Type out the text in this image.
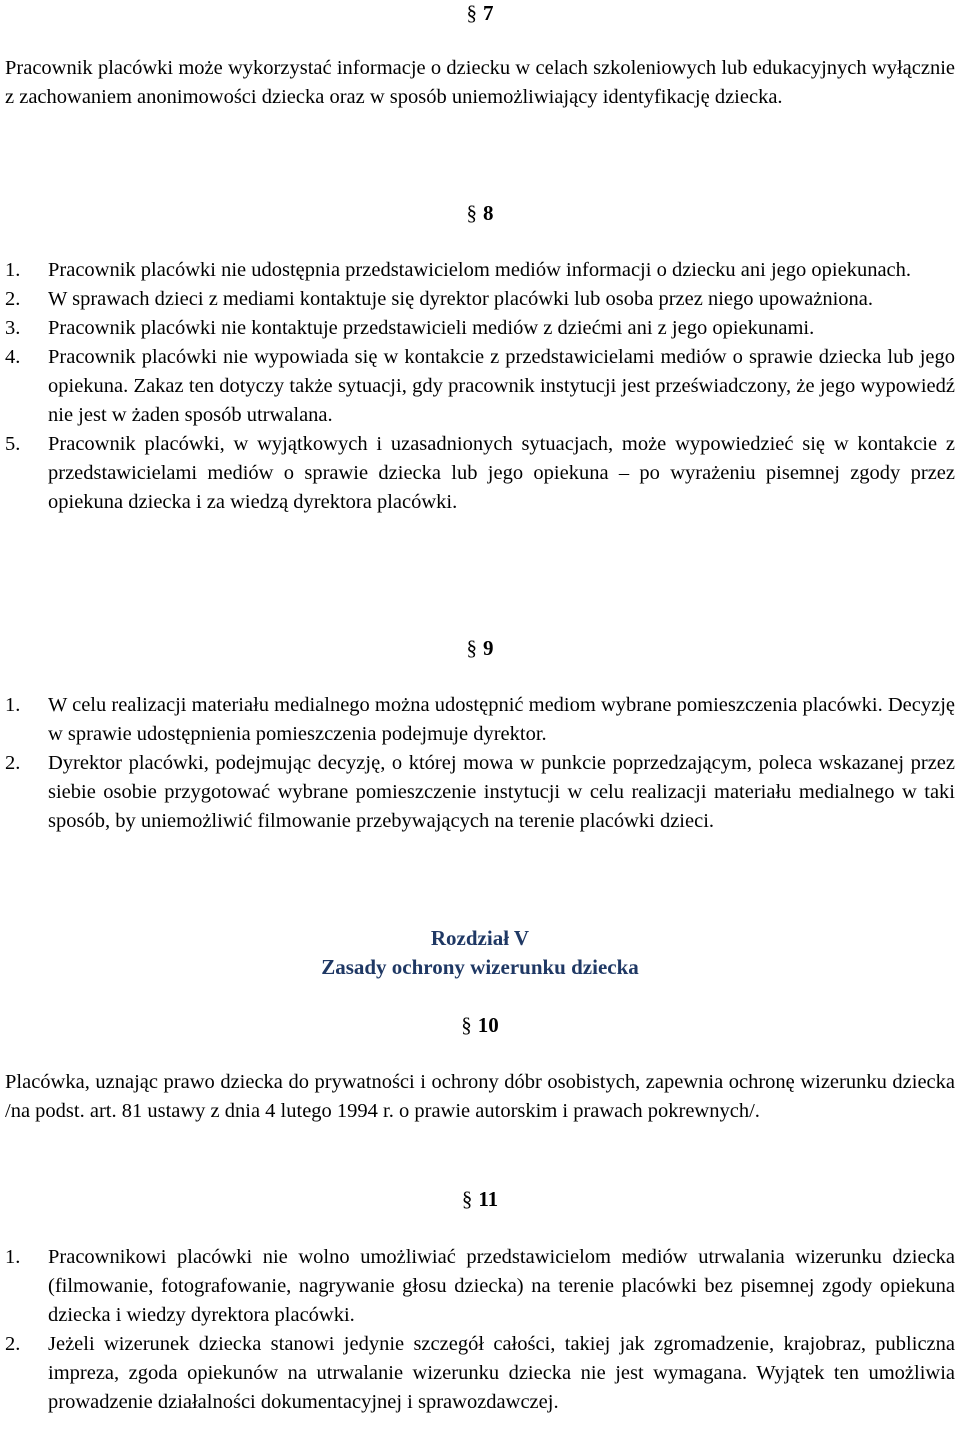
§ 7

Pracownik placówki może wykorzystać informacje o dziecku w celach szkoleniowych lub edukacyjnych wyłącznie z zachowaniem anonimowości dziecka oraz w sposób uniemożliwiający identyfikację dziecka.

§ 8

1. Pracownik placówki nie udostępnia przedstawicielom mediów informacji o dziecku ani jego opiekunach.
2. W sprawach dzieci z mediami kontaktuje się dyrektor placówki lub osoba przez niego upoważniona.
3. Pracownik placówki nie kontaktuje przedstawicieli mediów z dziećmi ani z jego opiekunami.
4. Pracownik placówki nie wypowiada się w kontakcie z przedstawicielami mediów o sprawie dziecka lub jego opiekuna. Zakaz ten dotyczy także sytuacji, gdy pracownik instytucji jest przeświadczony, że jego wypowiedź nie jest w żaden sposób utrwalana.
5. Pracownik placówki, w wyjątkowych i uzasadnionych sytuacjach, może wypowiedzieć się w kontakcie z przedstawicielami mediów o sprawie dziecka lub jego opiekuna – po wyrażeniu pisemnej zgody przez opiekuna dziecka i za wiedzą dyrektora placówki.

§ 9

1. W celu realizacji materiału medialnego można udostępnić mediom wybrane pomieszczenia placówki. Decyzję w sprawie udostępnienia pomieszczenia podejmuje dyrektor.
2. Dyrektor placówki, podejmując decyzję, o której mowa w punkcie poprzedzającym, poleca wskazanej przez siebie osobie przygotować wybrane pomieszczenie instytucji w celu realizacji materiału medialnego w taki sposób, by uniemożliwić filmowanie przebywających na terenie placówki dzieci.

Rozdział V

Zasady ochrony wizerunku dziecka

§ 10

Placówka, uznając prawo dziecka do prywatności i ochrony dóbr osobistych, zapewnia ochronę wizerunku dziecka /na podst. art. 81 ustawy z dnia 4 lutego 1994 r. o prawie autorskim i prawach pokrewnych/.

§ 11

1. Pracownikowi placówki nie wolno umożliwiać przedstawicielom mediów utrwalania wizerunku dziecka (filmowanie, fotografowanie, nagrywanie głosu dziecka) na terenie placówki bez pisemnej zgody opiekuna dziecka i wiedzy dyrektora placówki.
2. Jeżeli wizerunek dziecka stanowi jedynie szczegół całości, takiej jak zgromadzenie, krajobraz, publiczna impreza, zgoda opiekunów na utrwalanie wizerunku dziecka nie jest wymagana. Wyjątek ten umożliwia prowadzenie działalności dokumentacyjnej i sprawozdawczej.
